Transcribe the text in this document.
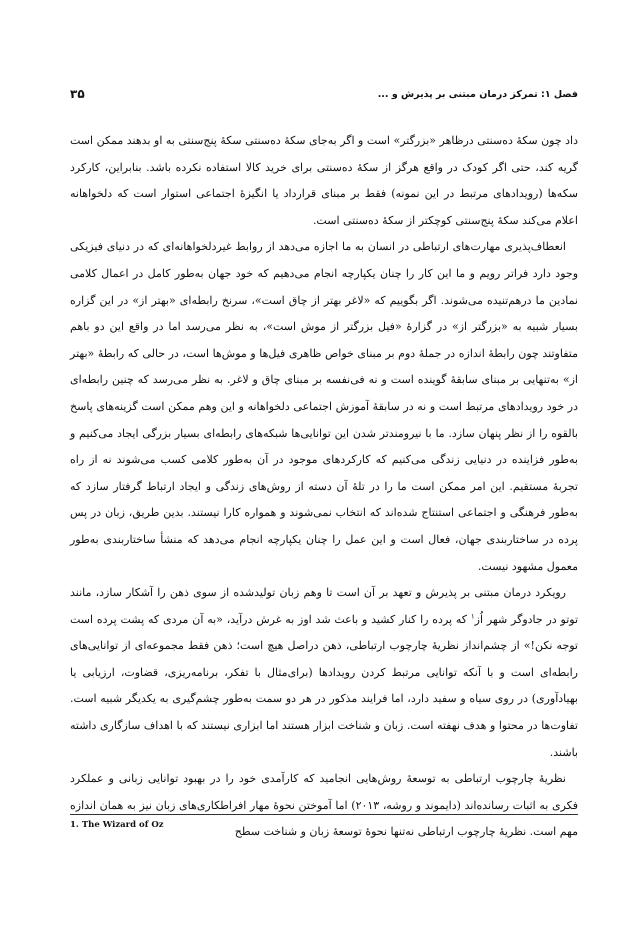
فصل ۱: تمرکز درمان مبتنی بر پذیرش و ...
۳۵

داد چون سکهٔ ده‌سنتی درظاهر «بزرگتر» است و اگر به‌جای سکهٔ ده‌سنتی سکهٔ پنج‌سنتی به او بدهند ممکن است گریه کند، حتی اگر کودک در واقع هرگز از سکهٔ ده‌سنتی برای خرید کالا استفاده نکرده باشد. بنابراین، کارکرد سکه‌ها (رویدادهای مرتبط در این نمونه) فقط بر مبنای قرارداد یا انگیزهٔ اجتماعی استوار است که دلخواهانه اعلام می‌کند سکهٔ پنج‌سنتی کوچکتر از سکهٔ ده‌سنتی است.

انعطاف‌پذیری مهارت‌های ارتباطی در انسان به ما اجازه می‌دهد از روابط غیردلخواهانه‌ای که در دنیای فیزیکی وجود دارد فراتر رویم و ما این کار را چنان یکپارچه انجام می‌دهیم که خود جهان به‌طور کامل در اعمال کلامی نمادین ما درهم‌تنیده می‌شوند. اگر بگوییم که «لاغر بهتر از چاق است»، سرنخ رابطه‌ای «بهتر از» در این گزاره بسیار شبیه به «بزرگتر از» در گزارهٔ «فیل بزرگتر از موش است»، به نظر می‌رسد اما در واقع این دو باهم متفاوتند چون رابطهٔ اندازه در جملهٔ دوم بر مبنای خواص ظاهری فیل‌ها و موش‌ها است، در حالی که رابطهٔ «بهتر از» به‌تنهایی بر مبنای سابقهٔ گوینده است و نه فی‌نفسه بر مبنای چاق و لاغر. به نظر می‌رسد که چنین رابطه‌ای در خود رویدادهای مرتبط است و نه در سابقهٔ آموزش اجتماعی دلخواهانه و این وهم ممکن است گزینه‌های پاسخ بالقوه را از نظر پنهان سازد. ما با نیرومندتر شدن این توانایی‌ها شبکه‌های رابطه‌ای بسیار بزرگی ایجاد می‌کنیم و به‌طور فزاینده در دنیایی زندگی می‌کنیم که کارکردهای موجود در آن به‌طور کلامی کسب می‌شوند نه از راه تجربهٔ مستقیم. این امر ممکن است ما را در تلهٔ آن دسته از روش‌های زندگی و ایجاد ارتباط گرفتار سازد که به‌طور فرهنگی و اجتماعی استنتاج شده‌اند که انتخاب نمی‌شوند و همواره کارا نیستند. بدین طریق، زبان در پس پرده در ساختاربندی جهان، فعال است و این عمل را چنان یکپارچه انجام می‌دهد که منشأ ساختاربندی به‌طور معمول مشهود نیست.

رویکرد درمان مبتنی بر پذیرش و تعهد بر آن است تا وهم زبان تولیدشده از سوی ذهن را آشکار سازد، مانند توتو در جادوگر شهر اُز$^۱$ که پرده را کنار کشید و باعث شد اوز به غرش درآید، «به آن مردی که پشت پرده است توجه نکن!» از چشم‌انداز نظریهٔ چارچوب ارتباطی، ذهن دراصل هیچ است؛ ذهن فقط مجموعه‌ای از توانایی‌های رابطه‌ای است و با آنکه توانایی مرتبط کردن رویدادها (برای‌مثال با تفکر، برنامه‌ریزی، قضاوت، ارزیابی یا بهیادآوری) در روی سیاه و سفید دارد، اما فرایند مذکور در هر دو سمت به‌طور چشم‌گیری به یکدیگر شبیه است. تفاوت‌ها در محتوا و هدف نهفته است. زبان و شناخت ابزار هستند اما ابزاری نیستند که با اهداف سازگاری داشته باشند.

نظریهٔ چارچوب ارتباطی به توسعهٔ روش‌هایی انجامید که کارآمدی خود را در بهبود توانایی زبانی و عملکرد فکری به اثبات رسانده‌اند (دایموند و روشه، ۲۰۱۳) اما آموختن نحوهٔ مهار افراطکاری‌های زبان نیز به همان اندازه مهم است. نظریهٔ چارچوب ارتباطی نه‌تنها نحوهٔ توسعهٔ زبان و شناخت سطح

1. The Wizard of Oz
